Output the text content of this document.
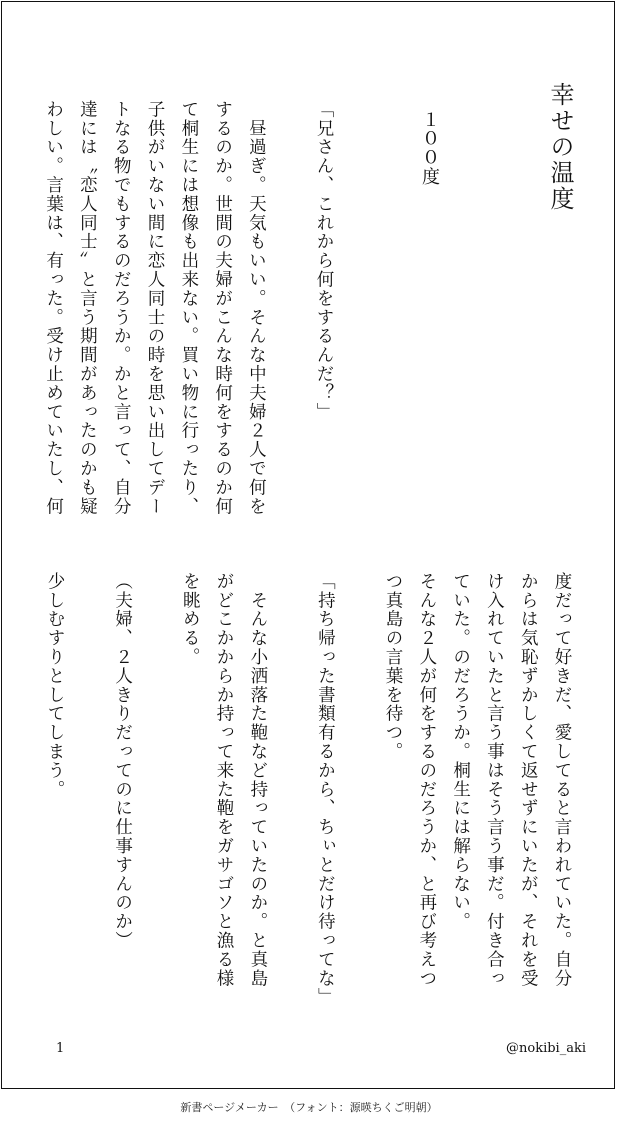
幸せの温度
１００度
「兄さん、これから何をするんだ？」

　昼過ぎ。天気もいい。そんな中夫婦２人で何を
するのか。世間の夫婦がこんな時何をするのか何
て桐生には想像も出来ない。買い物に行ったり、
子供がいない間に恋人同士の時を思い出してデー
トなる物でもするのだろうか。かと言って、自分
達には〝恋人同士〟と言う期間があったのかも疑
わしい。言葉は、有った。受け止めていたし、何
度だって好きだ、愛してると言われていた。自分
からは気恥ずかしくて返せずにいたが、それを受
け入れていたと言う事はそう言う事だ。付き合っ
ていた。のだろうか。桐生には解らない。
そんな２人が何をするのだろうか、と再び考えつ
つ真島の言葉を待つ。

「持ち帰った書類有るから、ちぃとだけ待ってな」

　そんな小洒落た鞄など持っていたのか。と真島
がどこかからか持って来た鞄をガサゴソと漁る様
を眺める。

（夫婦、２人きりだってのに仕事すんのか）

少しむすりとしてしまう。
1	@nokibi_aki
新書ページメーカー　（フォント：源暎ちくご明朝）
